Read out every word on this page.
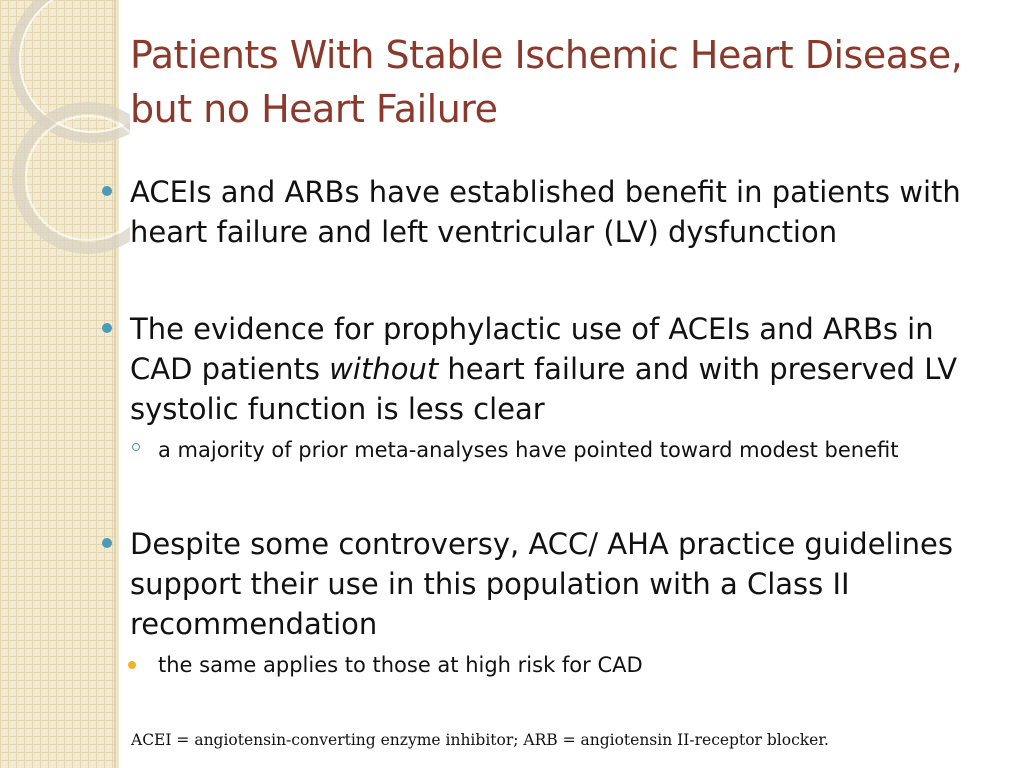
Patients With Stable Ischemic Heart Disease,
but no Heart Failure
ACEIs and ARBs have established benefit in patients with heart failure and left ventricular (LV) dysfunction
The evidence for prophylactic use of ACEIs and ARBs in CAD patients without heart failure and with preserved LV systolic function is less clear
a majority of prior meta-analyses have pointed toward modest benefit
Despite some controversy, ACC/ AHA practice guidelines support their use in this population with a Class II recommendation
the same applies to those at high risk for CAD
ACEI = angiotensin-converting enzyme inhibitor; ARB = angiotensin II-receptor blocker.
